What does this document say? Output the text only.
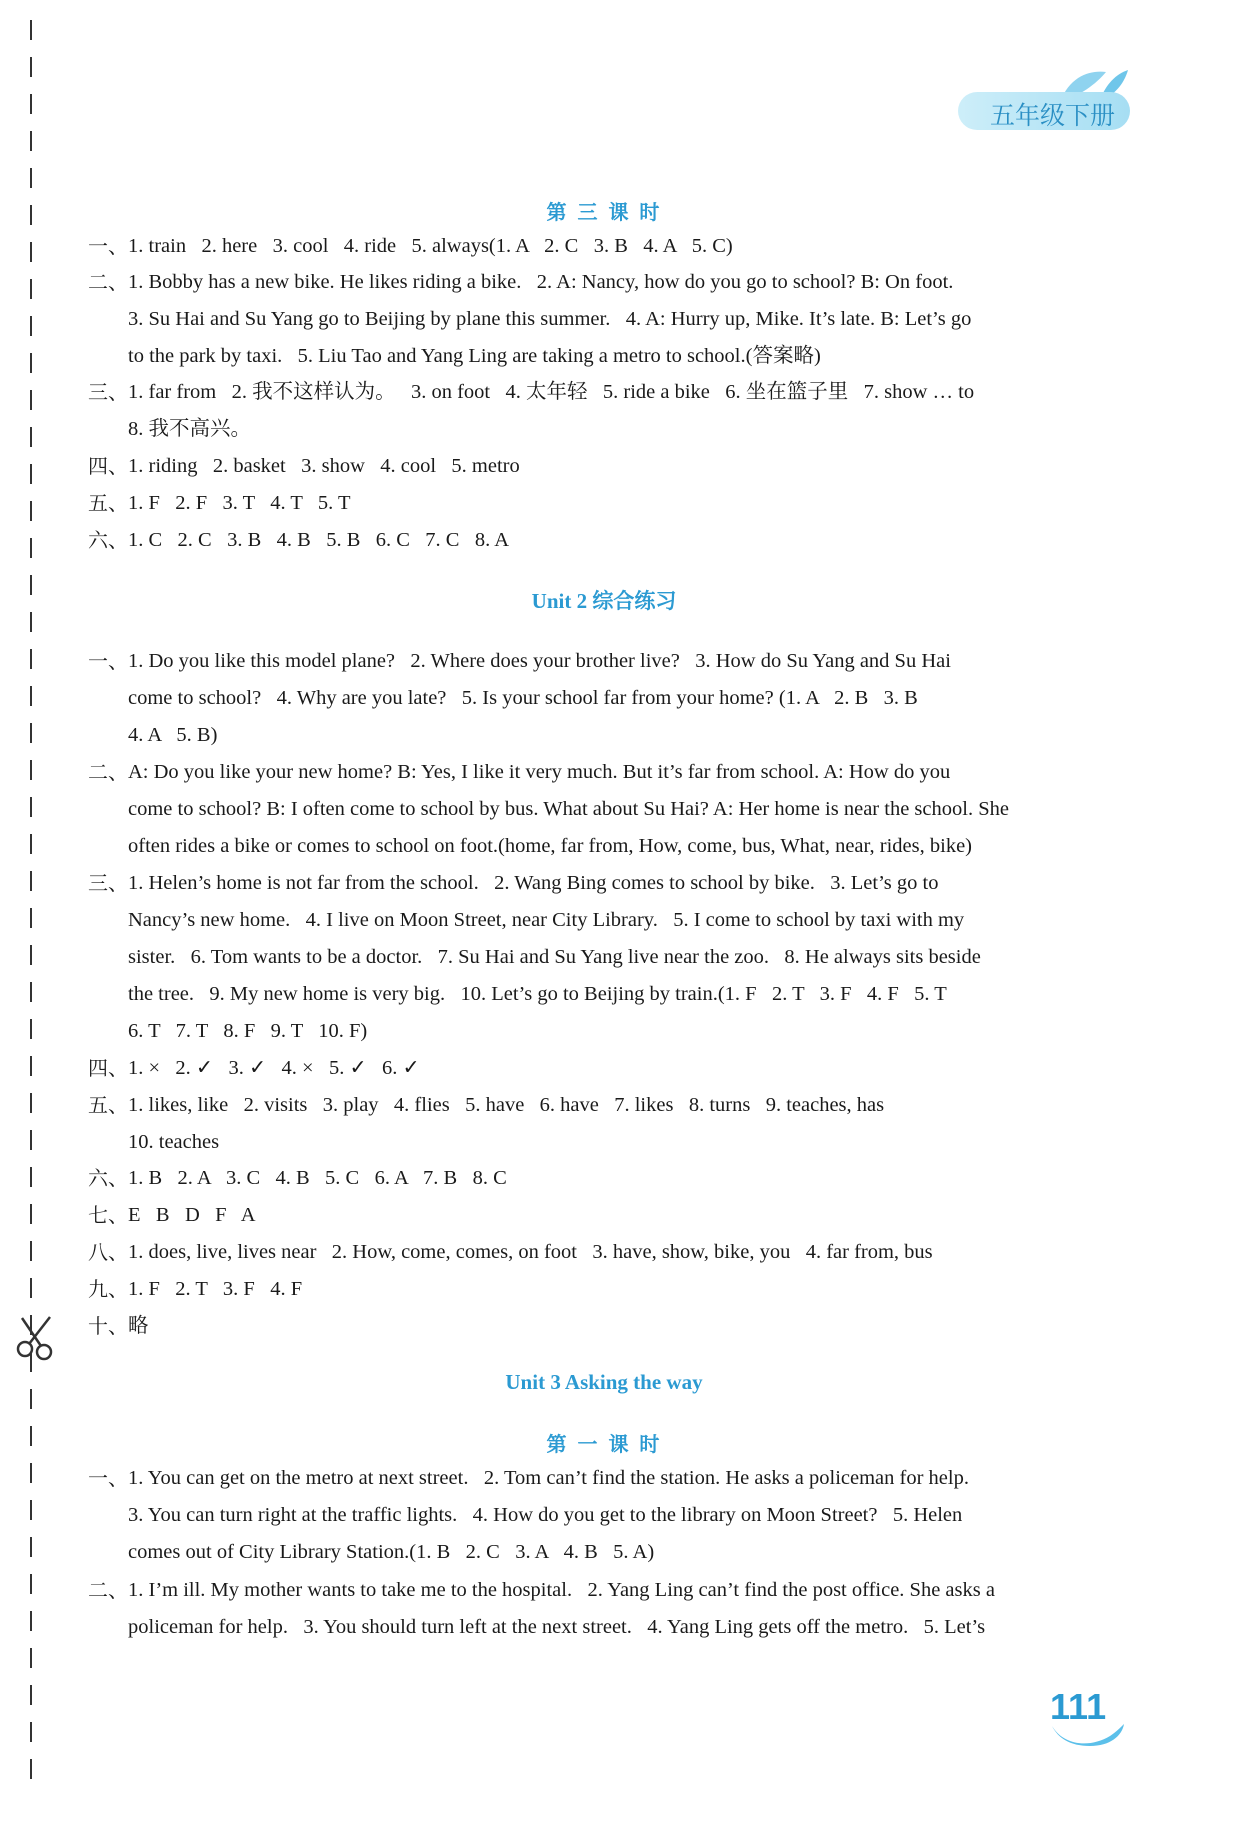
五年级下册
111
第 三 课 时
一、 1. train   2. here   3. cool   4. ride   5. always(1. A   2. C   3. B   4. A   5. C)
二、 1. Bobby has a new bike. He likes riding a bike.   2. A: Nancy, how do you go to school? B: On foot.
3. Su Hai and Su Yang go to Beijing by plane this summer.   4. A: Hurry up, Mike. It’s late. B: Let’s go
to the park by taxi.   5. Liu Tao and Yang Ling are taking a metro to school.(答案略)
三、 1. far from   2. 我不这样认为。   3. on foot   4. 太年轻   5. ride a bike   6. 坐在篮子里   7. show … to
8. 我不高兴。
四、 1. riding   2. basket   3. show   4. cool   5. metro
五、 1. F   2. F   3. T   4. T   5. T
六、 1. C   2. C   3. B   4. B   5. B   6. C   7. C   8. A
Unit 2 综合练习
一、 1. Do you like this model plane?   2. Where does your brother live?   3. How do Su Yang and Su Hai
come to school?   4. Why are you late?   5. Is your school far from your home? (1. A   2. B   3. B
4. A   5. B)
二、 A: Do you like your new home? B: Yes, I like it very much. But it’s far from school. A: How do you
come to school? B: I often come to school by bus. What about Su Hai? A: Her home is near the school. She
often rides a bike or comes to school on foot.(home, far from, How, come, bus, What, near, rides, bike)
三、 1. Helen’s home is not far from the school.   2. Wang Bing comes to school by bike.   3. Let’s go to
Nancy’s new home.   4. I live on Moon Street, near City Library.   5. I come to school by taxi with my
sister.   6. Tom wants to be a doctor.   7. Su Hai and Su Yang live near the zoo.   8. He always sits beside
the tree.   9. My new home is very big.   10. Let’s go to Beijing by train.(1. F   2. T   3. F   4. F   5. T
6. T   7. T   8. F   9. T   10. F)
四、 1. ×   2. ✓   3. ✓   4. ×   5. ✓   6. ✓
五、 1. likes, like   2. visits   3. play   4. flies   5. have   6. have   7. likes   8. turns   9. teaches, has
10. teaches
六、 1. B   2. A   3. C   4. B   5. C   6. A   7. B   8. C
七、 E   B   D   F   A
八、 1. does, live, lives near   2. How, come, comes, on foot   3. have, show, bike, you   4. far from, bus
九、 1. F   2. T   3. F   4. F
十、 略
Unit 3 Asking the way
第 一 课 时
一、 1. You can get on the metro at next street.   2. Tom can’t find the station. He asks a policeman for help.
3. You can turn right at the traffic lights.   4. How do you get to the library on Moon Street?   5. Helen
comes out of City Library Station.(1. B   2. C   3. A   4. B   5. A)
二、 1. I’m ill. My mother wants to take me to the hospital.   2. Yang Ling can’t find the post office. She asks a
policeman for help.   3. You should turn left at the next street.   4. Yang Ling gets off the metro.   5. Let’s
